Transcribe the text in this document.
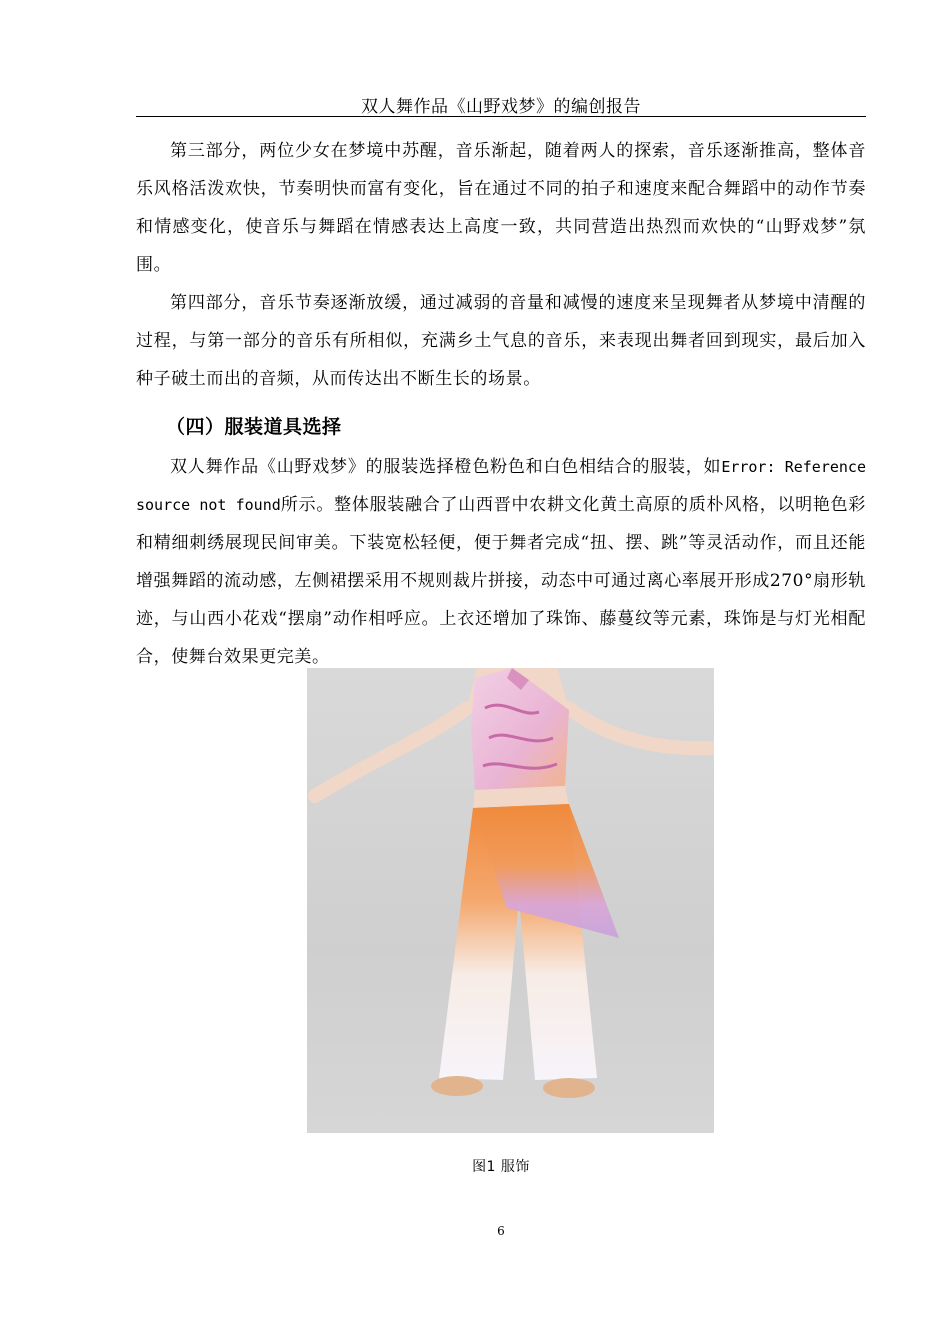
双人舞作品《山野戏梦》的编创报告

第三部分，两位少女在梦境中苏醒，音乐渐起，随着两人的探索，音乐逐渐推高，整体音乐风格活泼欢快，节奏明快而富有变化，旨在通过不同的拍子和速度来配合舞蹈中的动作节奏和情感变化，使音乐与舞蹈在情感表达上高度一致，共同营造出热烈而欢快的“山野戏梦”氛围。

第四部分，音乐节奏逐渐放缓，通过减弱的音量和减慢的速度来呈现舞者从梦境中清醒的过程，与第一部分的音乐有所相似，充满乡土气息的音乐，来表现出舞者回到现实，最后加入种子破土而出的音频，从而传达出不断生长的场景。

（四）服装道具选择

双人舞作品《山野戏梦》的服装选择橙色粉色和白色相结合的服装，如Error: Reference source not found所示。整体服装融合了山西晋中农耕文化黄土高原的质朴风格，以明艳色彩和精细刺绣展现民间审美。下装宽松轻便，便于舞者完成“扭、摆、跳”等灵活动作，而且还能增强舞蹈的流动感，左侧裙摆采用不规则裁片拼接，动态中可通过离心率展开形成270°扇形轨迹，与山西小花戏“摆扇”动作相呼应。上衣还增加了珠饰、藤蔓纹等元素，珠饰是与灯光相配合，使舞台效果更完美。

图1 服饰
6
